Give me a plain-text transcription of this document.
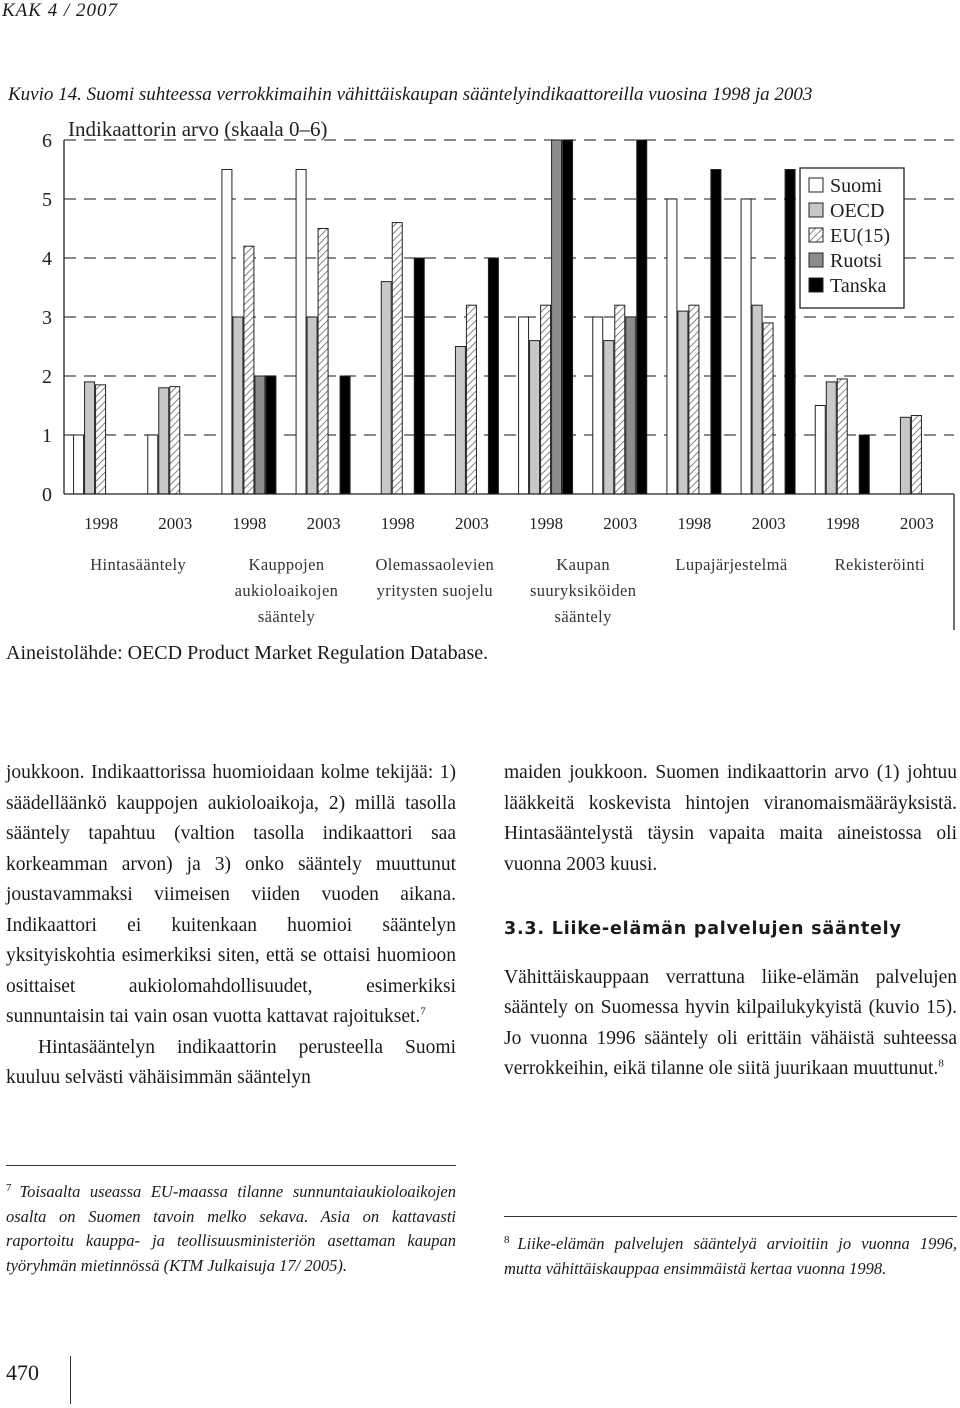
KAK 4 / 2007
Kuvio 14. Suomi suhteessa verrokkimaihin vähittäiskaupan sääntelyindikaattoreilla vuosina 1998 ja 2003
0
1
2
3
4
5
6 Indikaattorin arvo (skaala 0–6)
1998 2003
Hintasääntely
1998 2003
Kauppojen
aukioloaikojen
sääntely
1998 2003
Olemassaolevien
yritysten suojelu
1998 2003
Kaupan
suuryksiköiden
sääntely
1998 2003
Lupajärjestelmä
1998 2003
Rekisteröinti
Suomi
OECD
EU(15)
Ruotsi
Tanska
Aineistolähde: OECD Product Market Regulation Database.

joukkoon. Indikaattorissa huomioidaan kolme tekijää: 1) säädelläänkö kauppojen aukioloaikoja, 2) millä tasolla sääntely tapahtuu (valtion tasolla indikaattori saa korkeamman arvon) ja 3) onko sääntely muuttunut joustavammaksi viimeisen viiden vuoden aikana. Indikaattori ei kuitenkaan huomioi sääntelyn yksityiskohtia esimerkiksi siten, että se ottaisi huomioon osittaiset aukiolomahdollisuudet, esimerkiksi sunnuntaisin tai vain osan vuotta kattavat rajoitukset.$^7$

Hintasääntelyn indikaattorin perusteella Suomi kuuluu selvästi vähäisimmän sääntelyn

maiden joukkoon. Suomen indikaattorin arvo (1) johtuu lääkkeitä koskevista hintojen viranomaismääräyksistä. Hintasääntelystä täysin vapaita maita aineistossa oli vuonna 2003 kuusi.

3.3. Liike-elämän palvelujen sääntely

Vähittäiskauppaan verrattuna liike-elämän palvelujen sääntely on Suomessa hyvin kilpailukykyistä (kuvio 15). Jo vuonna 1996 sääntely oli erittäin vähäistä suhteessa verrokkeihin, eikä tilanne ole siitä juurikaan muuttunut.$^8$

$^7$ Toisaalta useassa EU-maassa tilanne sunnuntaiaukioloaikojen osalta on Suomen tavoin melko sekava. Asia on kattavasti raportoitu kauppa- ja teollisuusministeriön asettaman kaupan työryhmän mietinnössä (KTM Julkaisuja 17/ 2005).
$^8$ Liike-elämän palvelujen sääntelyä arvioitiin jo vuonna 1996, mutta vähittäiskauppaa ensimmäistä kertaa vuonna 1998.
470
